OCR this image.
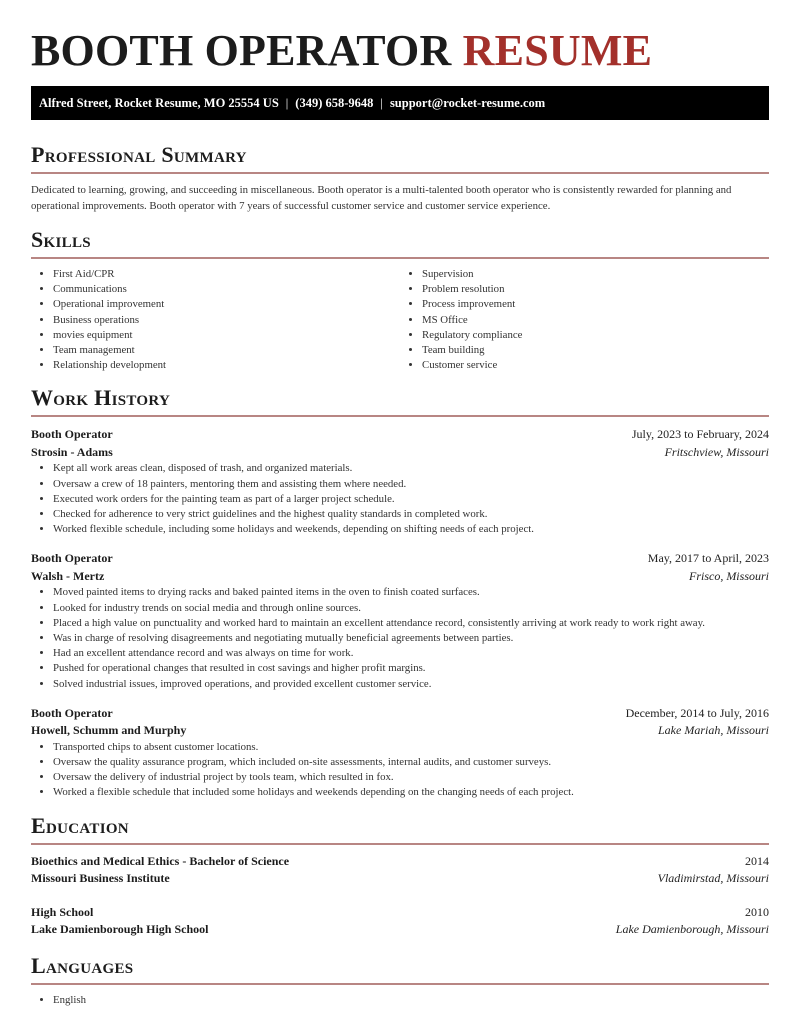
BOOTH OPERATOR RESUME
Alfred Street, Rocket Resume, MO 25554 US | (349) 658-9648 | support@rocket-resume.com
Professional Summary

Dedicated to learning, growing, and succeeding in miscellaneous. Booth operator is a multi-talented booth operator who is consistently rewarded for planning and operational improvements. Booth operator with 7 years of successful customer service and customer service experience.

Skills
• First Aid/CPR
• Communications
• Operational improvement
• Business operations
• movies equipment
• Team management
• Relationship development
• Supervision
• Problem resolution
• Process improvement
• MS Office
• Regulatory compliance
• Team building
• Customer service
Work History
Booth Operator	July, 2023 to February, 2024
Strosin - Adams	Fritschview, Missouri
• Kept all work areas clean, disposed of trash, and organized materials.
• Oversaw a crew of 18 painters, mentoring them and assisting them where needed.
• Executed work orders for the painting team as part of a larger project schedule.
• Checked for adherence to very strict guidelines and the highest quality standards in completed work.
• Worked flexible schedule, including some holidays and weekends, depending on shifting needs of each project.
Booth Operator	May, 2017 to April, 2023
Walsh - Mertz	Frisco, Missouri
• Moved painted items to drying racks and baked painted items in the oven to finish coated surfaces.
• Looked for industry trends on social media and through online sources.
• Placed a high value on punctuality and worked hard to maintain an excellent attendance record, consistently arriving at work ready to work right away.
• Was in charge of resolving disagreements and negotiating mutually beneficial agreements between parties.
• Had an excellent attendance record and was always on time for work.
• Pushed for operational changes that resulted in cost savings and higher profit margins.
• Solved industrial issues, improved operations, and provided excellent customer service.
Booth Operator	December, 2014 to July, 2016
Howell, Schumm and Murphy	Lake Mariah, Missouri
• Transported chips to absent customer locations.
• Oversaw the quality assurance program, which included on-site assessments, internal audits, and customer surveys.
• Oversaw the delivery of industrial project by tools team, which resulted in fox.
• Worked a flexible schedule that included some holidays and weekends depending on the changing needs of each project.
Education
Bioethics and Medical Ethics - Bachelor of Science	2014
Missouri Business Institute	Vladimirstad, Missouri
High School	2010
Lake Damienborough High School	Lake Damienborough, Missouri
Languages
• English
